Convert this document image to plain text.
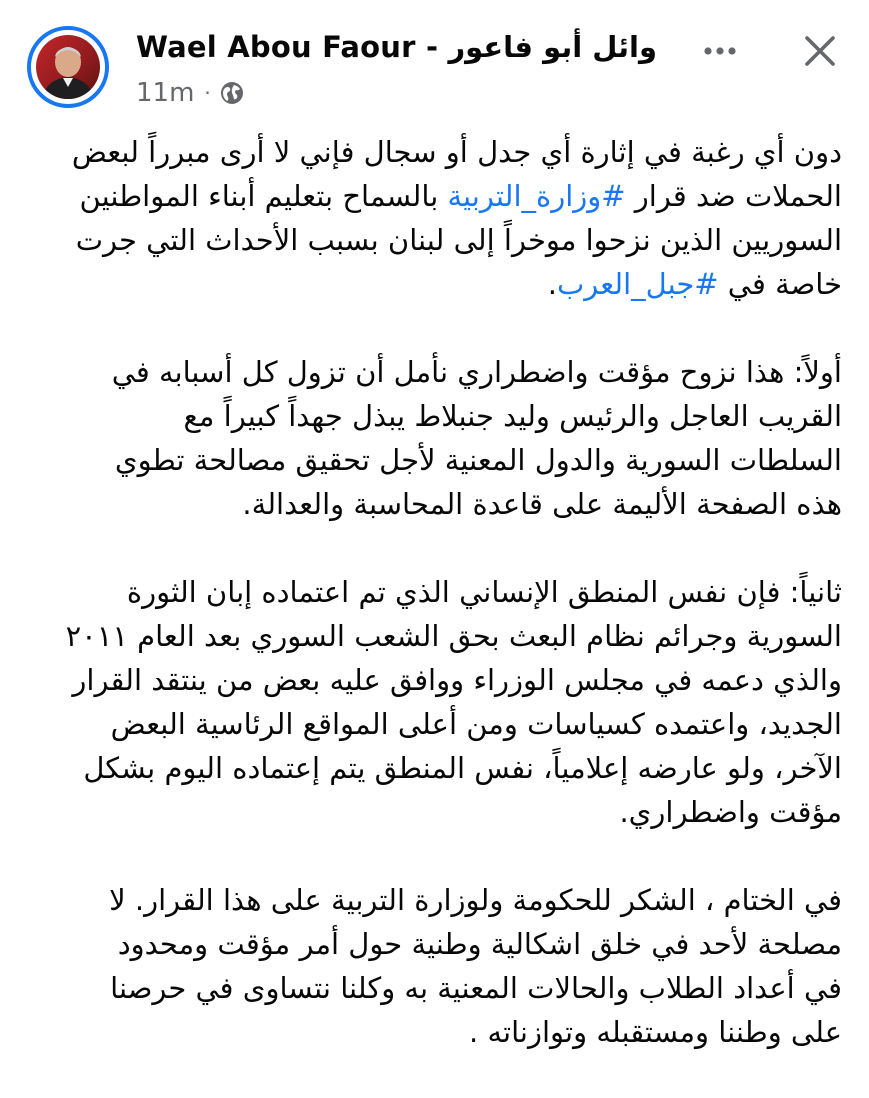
Wael Abou Faour - وائل أبو فاعور
11m ·
دون أي رغبة في إثارة أي جدل أو سجال فإني لا أرى مبرراً لبعض
الحملات ضد قرار #وزارة_التربية بالسماح بتعليم أبناء المواطنين
السوريين الذين نزحوا موخراً إلى لبنان بسبب الأحداث التي جرت
خاصة في #جبل_العرب.
أولاً: هذا نزوح مؤقت واضطراري نأمل أن تزول كل أسبابه في
القريب العاجل والرئيس وليد جنبلاط يبذل جهداً كبيراً مع
السلطات السورية والدول المعنية لأجل تحقيق مصالحة تطوي
هذه الصفحة الأليمة على قاعدة المحاسبة والعدالة.
ثانياً: فإن نفس المنطق الإنساني الذي تم اعتماده إبان الثورة
السورية وجرائم نظام البعث بحق الشعب السوري بعد العام ٢٠١١
والذي دعمه في مجلس الوزراء ووافق عليه بعض من ينتقد القرار
الجديد، واعتمده كسياسات ومن أعلى المواقع الرئاسية البعض
الآخر، ولو عارضه إعلامياً، نفس المنطق يتم إعتماده اليوم بشكل
مؤقت واضطراري.
في الختام ، الشكر للحكومة ولوزارة التربية على هذا القرار. لا
مصلحة لأحد في خلق اشكالية وطنية حول أمر مؤقت ومحدود
في أعداد الطلاب والحالات المعنية به وكلنا نتساوى في حرصنا
على وطننا ومستقبله وتوازناته .
